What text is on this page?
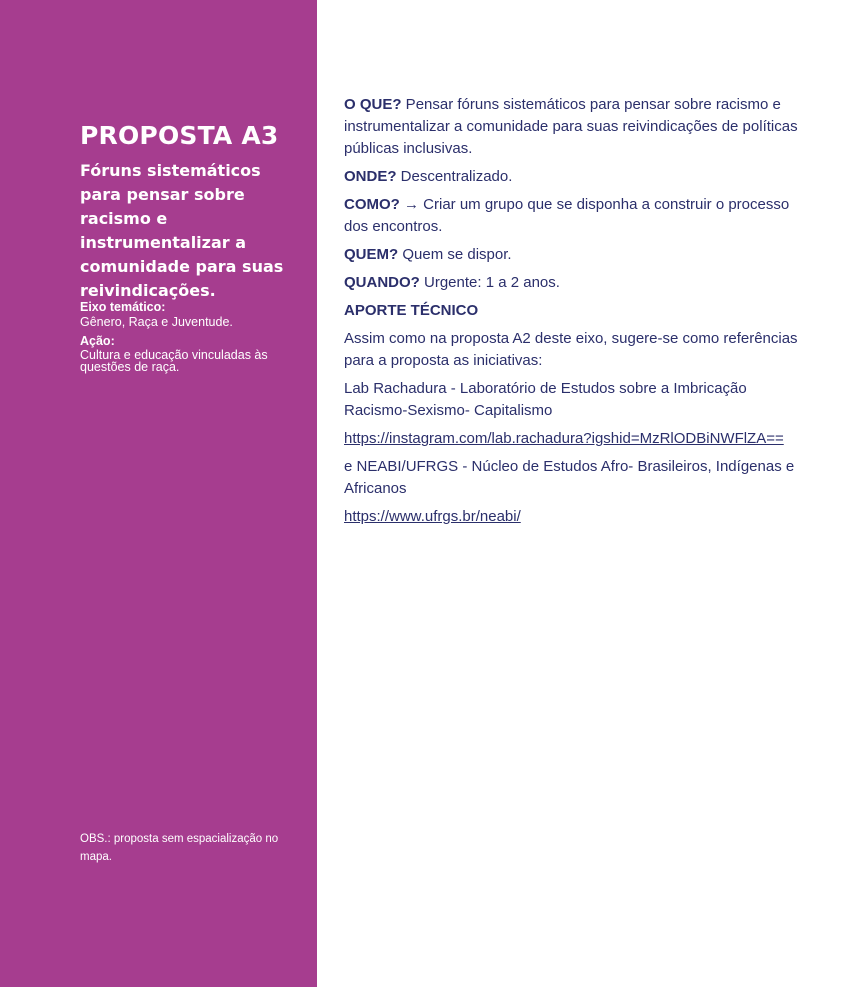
PROPOSTA A3
Fóruns sistemáticos para pensar sobre racismo e instrumentalizar a comunidade para suas reivindicações.
Eixo temático:
Gênero, Raça e Juventude.
Ação:
Cultura e educação vinculadas às questões de raça.
OBS.: proposta sem espacialização no mapa.

O QUE? Pensar fóruns sistemáticos para pensar sobre racismo e instrumentalizar a comunidade para suas reivindicações de políticas públicas inclusivas.

ONDE? Descentralizado.

COMO? → Criar um grupo que se disponha a construir o processo dos encontros.

QUEM? Quem se dispor.

QUANDO? Urgente: 1 a 2 anos.

APORTE TÉCNICO

Assim como na proposta A2 deste eixo, sugere-se como referências para a proposta as iniciativas:

Lab Rachadura - Laboratório de Estudos sobre a Imbricação Racismo-Sexismo- Capitalismo

https://instagram.com/lab.rachadura?igshid=MzRlODBiNWFlZA==

e NEABI/UFRGS - Núcleo de Estudos Afro- Brasileiros, Indígenas e Africanos

https://www.ufrgs.br/neabi/
